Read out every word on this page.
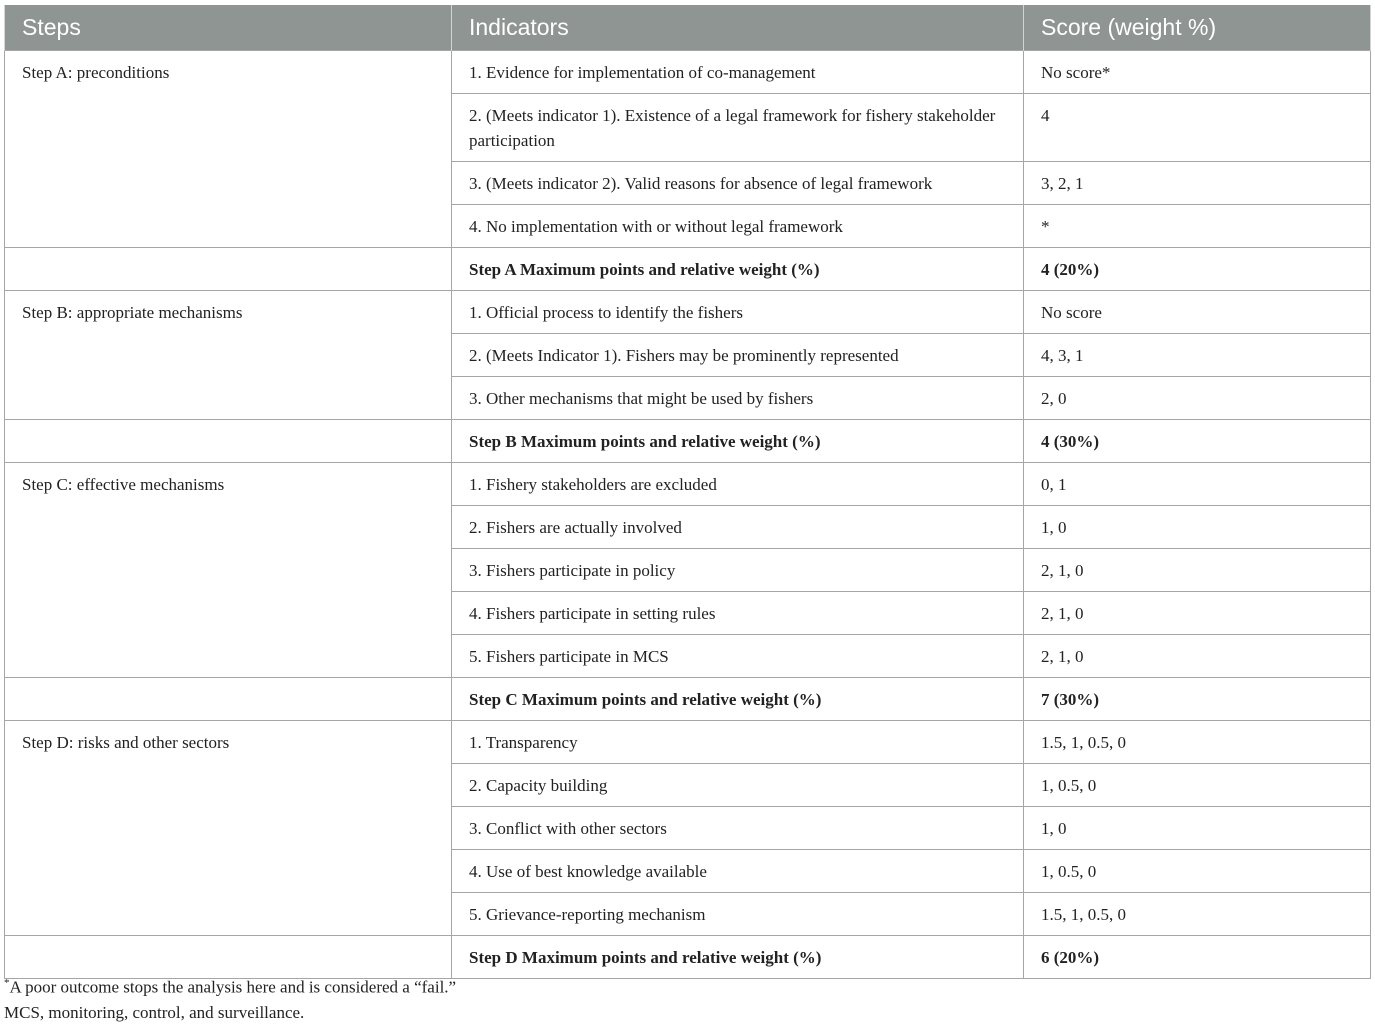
Steps	Indicators	Score (weight %)
Step A: preconditions	1. Evidence for implementation of co-management	No score*
	2. (Meets indicator 1). Existence of a legal framework for fishery stakeholder participation	4
	3. (Meets indicator 2). Valid reasons for absence of legal framework	3, 2, 1
	4. No implementation with or without legal framework	*
	Step A Maximum points and relative weight (%)	4 (20%)
Step B: appropriate mechanisms	1. Official process to identify the fishers	No score
	2. (Meets Indicator 1). Fishers may be prominently represented	4, 3, 1
	3. Other mechanisms that might be used by fishers	2, 0
	Step B Maximum points and relative weight (%)	4 (30%)
Step C: effective mechanisms	1. Fishery stakeholders are excluded	0, 1
	2. Fishers are actually involved	1, 0
	3. Fishers participate in policy	2, 1, 0
	4. Fishers participate in setting rules	2, 1, 0
	5. Fishers participate in MCS	2, 1, 0
	Step C Maximum points and relative weight (%)	7 (30%)
Step D: risks and other sectors	1. Transparency	1.5, 1, 0.5, 0
	2. Capacity building	1, 0.5, 0
	3. Conflict with other sectors	1, 0
	4. Use of best knowledge available	1, 0.5, 0
	5. Grievance-reporting mechanism	1.5, 1, 0.5, 0
	Step D Maximum points and relative weight (%)	6 (20%)
*A poor outcome stops the analysis here and is considered a “fail.”
MCS, monitoring, control, and surveillance.
